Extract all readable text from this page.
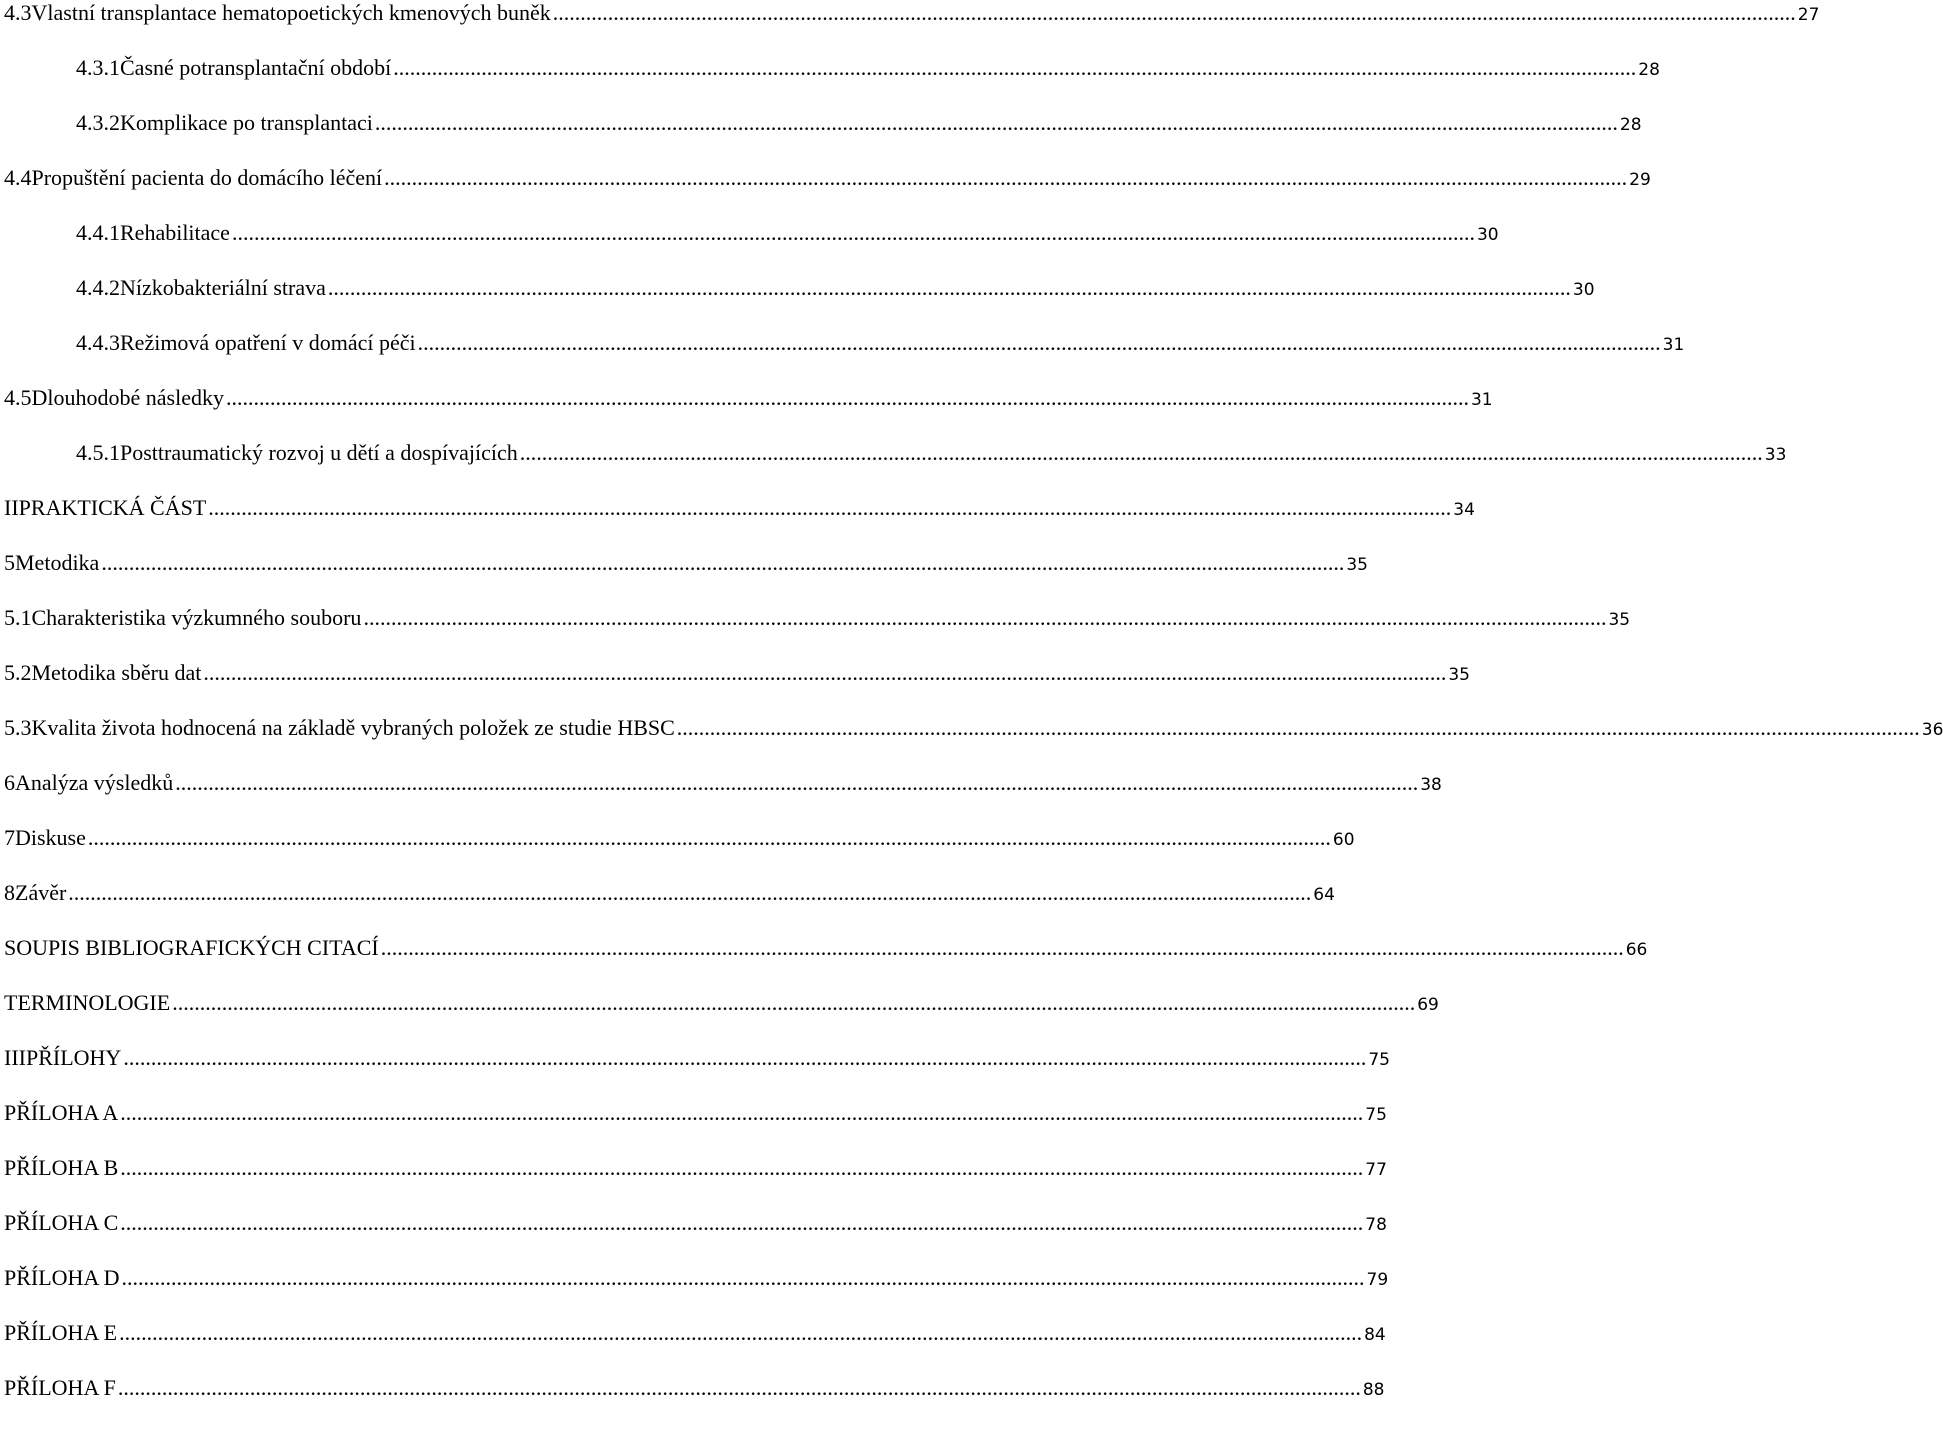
4.3 Vlastní transplantace hematopoetických kmenových buněk .....	27
4.3.1 Časné potransplantační období .....	28
4.3.2 Komplikace po transplantaci .....	28
4.4 Propuštění pacienta do domácího léčení .....	29
4.4.1 Rehabilitace .....	30
4.4.2 Nízkobakteriální strava .....	30
4.4.3 Režimová opatření v domácí péči .....	31
4.5 Dlouhodobé následky .....	31
4.5.1 Posttraumatický rozvoj u dětí a dospívajících .....	33
II PRAKTICKÁ ČÁST .....	34
5 Metodika .....	35
5.1 Charakteristika výzkumného souboru .....	35
5.2 Metodika sběru dat .....	35
5.3 Kvalita života hodnocená na základě vybraných položek ze studie HBSC .....	36
6 Analýza výsledků .....	38
7 Diskuse .....	60
8 Závěr .....	64
SOUPIS BIBLIOGRAFICKÝCH CITACÍ .....	66
TERMINOLOGIE .....	69
III PŘÍLOHY .....	75
PŘÍLOHA A .....	75
PŘÍLOHA B .....	77
PŘÍLOHA C .....	78
PŘÍLOHA D .....	79
PŘÍLOHA E .....	84
PŘÍLOHA F .....	88
